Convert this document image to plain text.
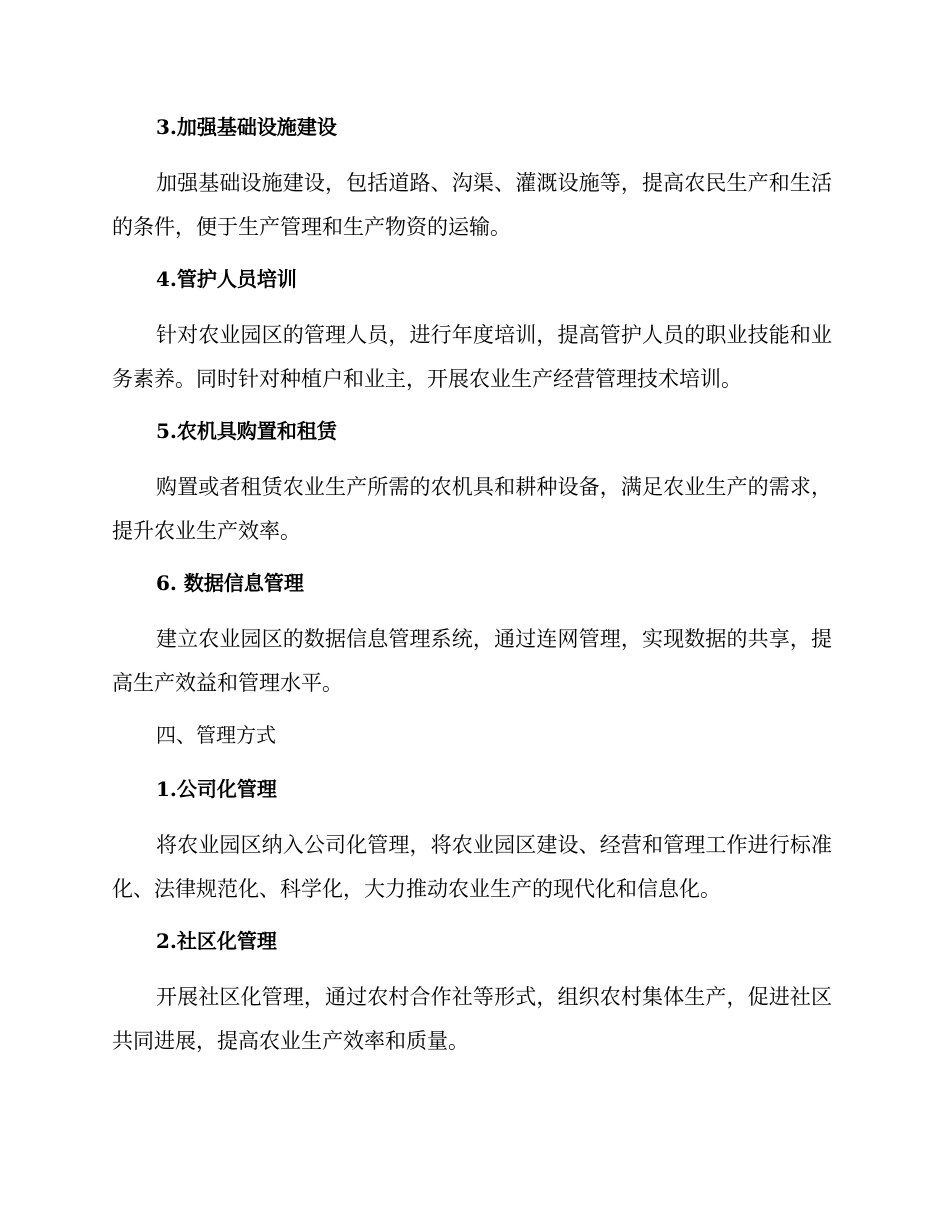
3.加强基础设施建设

加强基础设施建设，包括道路、沟渠、灌溉设施等，提高农民生产和生活的条件，便于生产管理和生产物资的运输。

4.管护人员培训

针对农业园区的管理人员，进行年度培训，提高管护人员的职业技能和业务素养。同时针对种植户和业主，开展农业生产经营管理技术培训。

5.农机具购置和租赁

购置或者租赁农业生产所需的农机具和耕种设备，满足农业生产的需求，提升农业生产效率。

6. 数据信息管理

建立农业园区的数据信息管理系统，通过连网管理，实现数据的共享，提高生产效益和管理水平。

四、管理方式
1.公司化管理

将农业园区纳入公司化管理，将农业园区建设、经营和管理工作进行标准化、法律规范化、科学化，大力推动农业生产的现代化和信息化。

2.社区化管理

开展社区化管理，通过农村合作社等形式，组织农村集体生产，促进社区共同进展，提高农业生产效率和质量。
